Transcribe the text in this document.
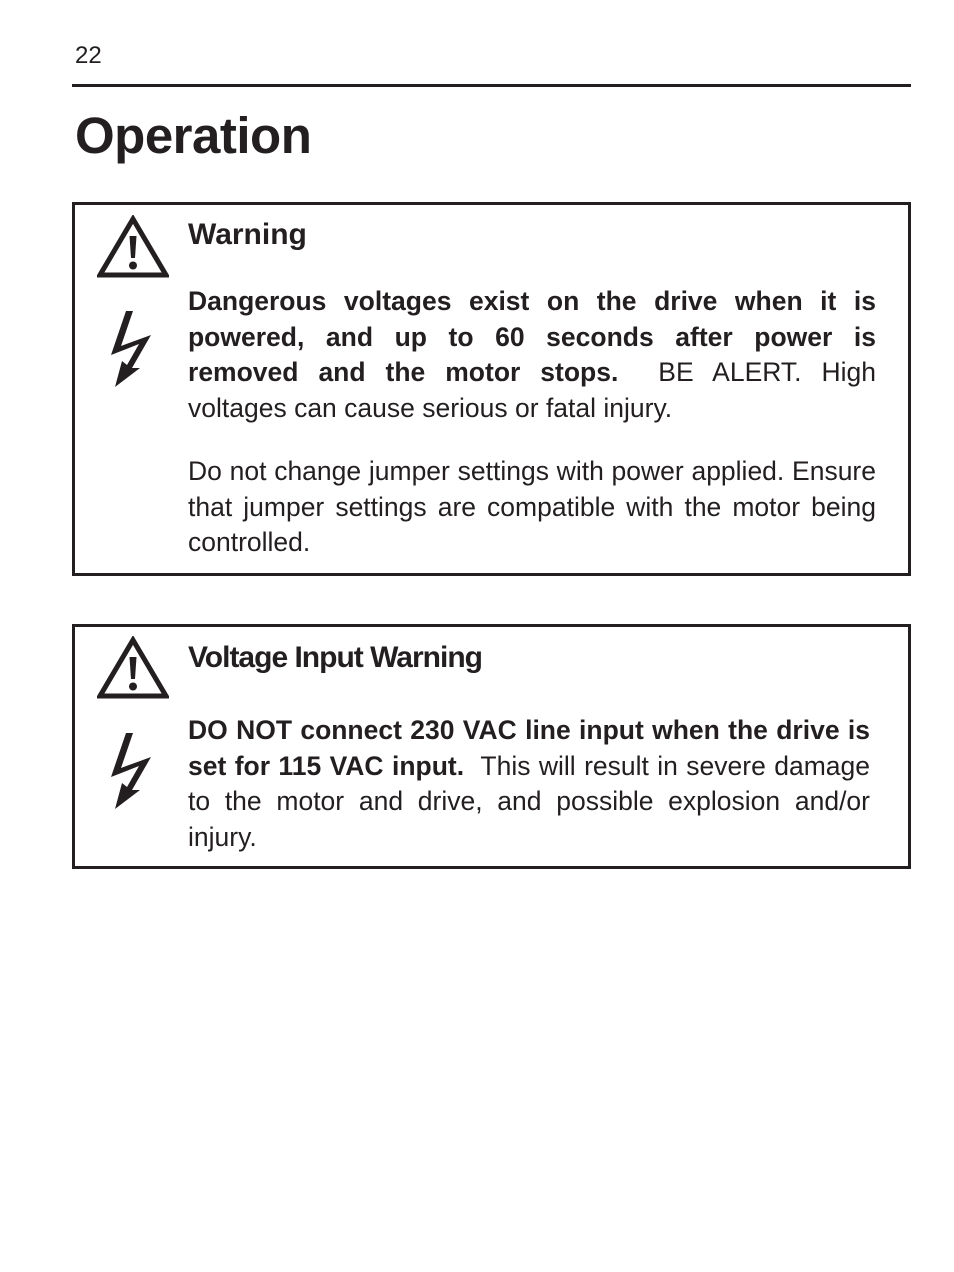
22
Operation
Warning

Dangerous voltages exist on the drive when it is powered, and up to 60 seconds after power is removed and the motor stops. BE ALERT. High voltages can cause serious or fatal injury.

Do not change jumper settings with power applied. Ensure that jumper settings are compatible with the motor being controlled.

Voltage Input Warning

DO NOT connect 230 VAC line input when the drive is set for 115 VAC input. This will result in severe damage to the motor and drive, and possible explosion and/or injury.
